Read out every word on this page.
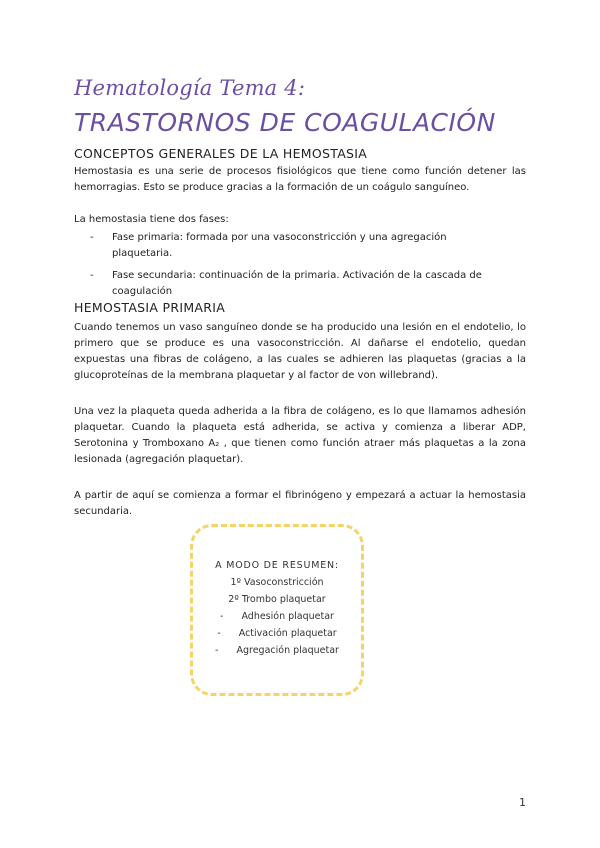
Hematología Tema 4:
TRASTORNOS DE COAGULACIÓN
CONCEPTOS GENERALES DE LA HEMOSTASIA
Hemostasia es una serie de procesos fisiológicos que tiene como función detener las hemorragias. Esto se produce gracias a la formación de un coágulo sanguíneo.
La hemostasia tiene dos fases:
- Fase primaria: formada por una vasoconstricción y una agregación plaquetaria.
- Fase secundaria: continuación de la primaria. Activación de la cascada de coagulación
HEMOSTASIA PRIMARIA
Cuando tenemos un vaso sanguíneo donde se ha producido una lesión en el endotelio, lo primero que se produce es una vasoconstricción. Al dañarse el endotelio, quedan expuestas una fibras de colágeno, a las cuales se adhieren las plaquetas (gracias a la glucoproteínas de la membrana plaquetar y al factor de von willebrand).
Una vez la plaqueta queda adherida a la fibra de colágeno, es lo que llamamos adhesión plaquetar. Cuando la plaqueta está adherida, se activa y comienza a liberar ADP, Serotonina y Tromboxano A₂ , que tienen como función atraer más plaquetas a la zona lesionada (agregación plaquetar).
A partir de aquí se comienza a formar el fibrinógeno y empezará a actuar la hemostasia secundaria.
A MODO DE RESUMEN:
1º Vasoconstricción
2º Trombo plaquetar
- Adhesión plaquetar
- Activación plaquetar
- Agregación plaquetar
1
